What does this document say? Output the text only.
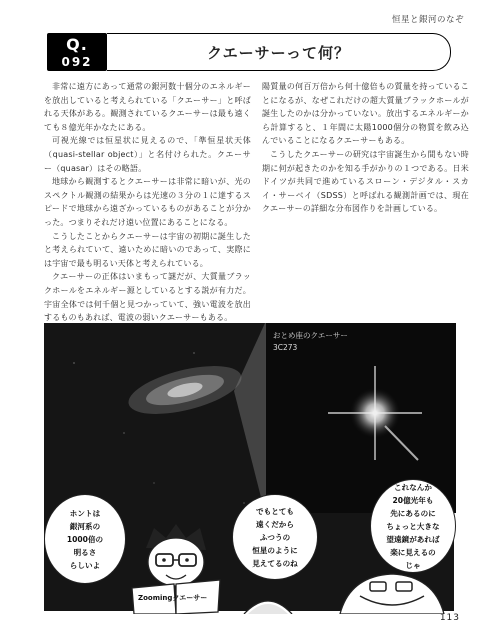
恒星と銀河のなぞ
Q.
092	クエーサーって何？

非常に遠方にあって通常の銀河数十個分のエネルギーを放出していると考えられている「クエーサー」と呼ばれる天体がある。観測されているクエーサーは最も遠くても８億光年かなたにある。

可視光線では恒星状に見えるので、「準恒星状天体（quasi-stellar object）」と名付けられた。クエーサー（quasar）はその略語。

地球から観測するとクエーサーは非常に暗いが、光のスペクトル観測の結果からは光速の３分の１に達するスピードで地球から遠ざかっているものがあることが分かった。つまりそれだけ遠い位置にあることになる。

こうしたことからクエーサーは宇宙の初期に誕生したと考えられていて、遠いために暗いのであって、実際には宇宙で最も明るい天体と考えられている。

クエーサーの正体はいまもって謎だが、大質量ブラックホールをエネルギー源としているとする説が有力だ。宇宙全体では何千個と見つかっていて、強い電波を放出するものもあれば、電波の弱いクエーサーもある。

陽質量の何百万倍から何十億倍もの質量を持っていることになるが、なぜこれだけの超大質量ブラックホールが誕生したのかは分かっていない。放出するエネルギーから計算すると、１年間に太陽1000個分の物質を飲み込んでいることになるクエーサーもある。

こうしたクエーサーの研究は宇宙誕生から間もない時期に何が起きたのかを知る手がかりの１つである。日米ドイツが共同で進めているスローン・デジタル・スカイ・サーベイ（SDSS）と呼ばれる観測計画では、現在クエーサーの詳細な分布図作りを計画している。

おとめ座のクエーサー
3C273
ホントは
銀河系の
1000倍の
明るさ
らしいよ
でもとても
遠くだから
ふつうの
恒星のように
見えてるのね
これなんか
20億光年も
先にあるのに
ちょっと大きな
望遠鏡があれば
楽に見えるの
じゃ
Zoomingクエーサー
113
